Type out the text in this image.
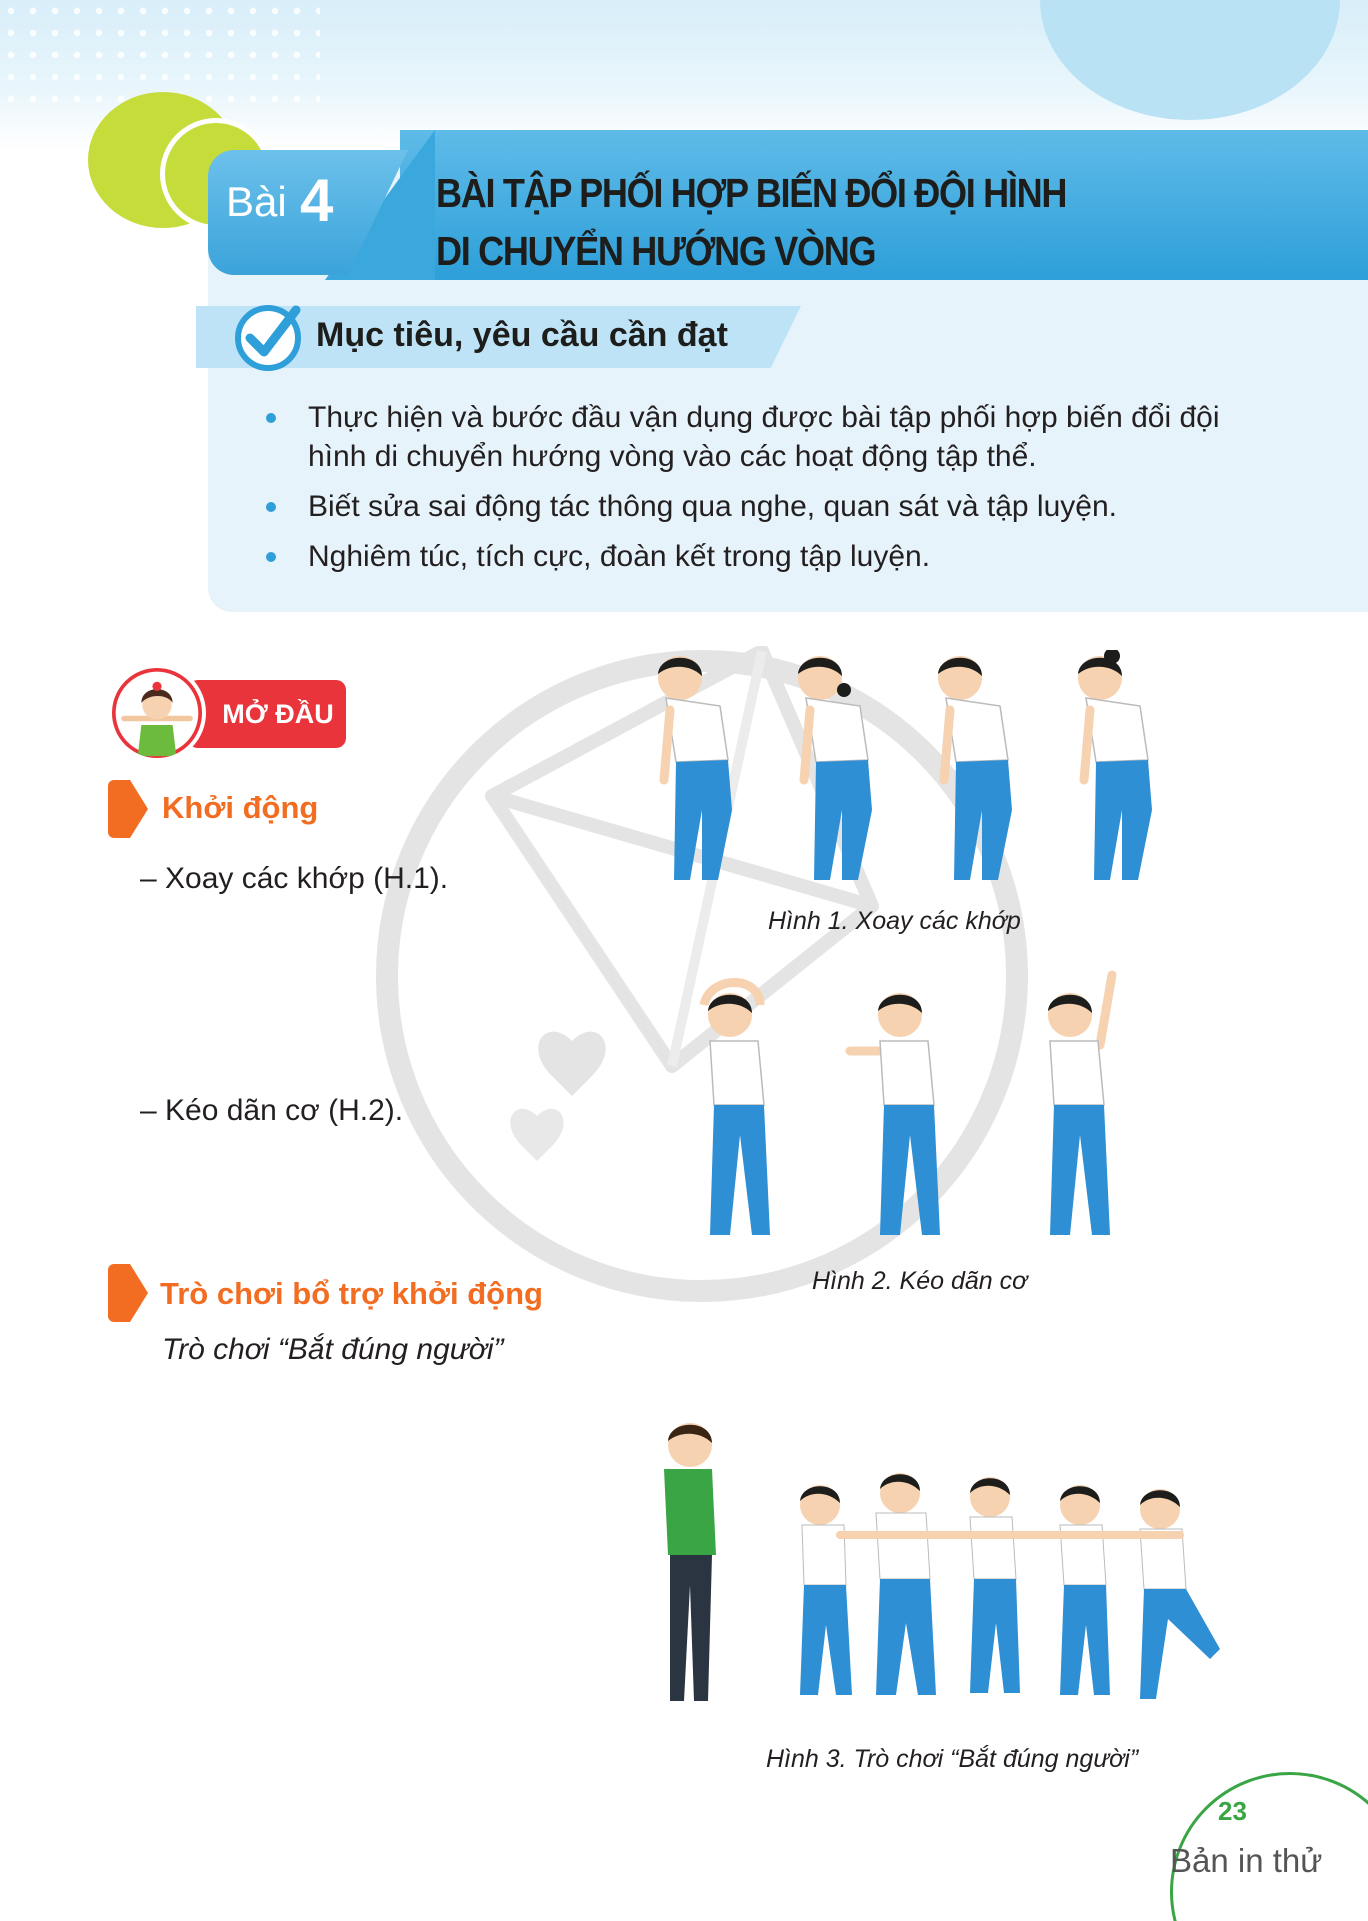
Bài 4	BÀI TẬP PHỐI HỢP BIẾN ĐỔI ĐỘI HÌNH
DI CHUYỂN HƯỚNG VÒNG
Mục tiêu, yêu cầu cần đạt
Thực hiện và bước đầu vận dụng được bài tập phối hợp biến đổi đội hình di chuyển hướng vòng vào các hoạt động tập thể.
Biết sửa sai động tác thông qua nghe, quan sát và tập luyện.
Nghiêm túc, tích cực, đoàn kết trong tập luyện.
MỞ ĐẦU
Khởi động
– Xoay các khớp (H.1).
– Kéo dãn cơ (H.2).
Hình 1. Xoay các khớp
Hình 2. Kéo dãn cơ
Trò chơi bổ trợ khởi động
Trò chơi “Bắt đúng người”
Hình 3. Trò chơi “Bắt đúng người”
23
Bản in thử
